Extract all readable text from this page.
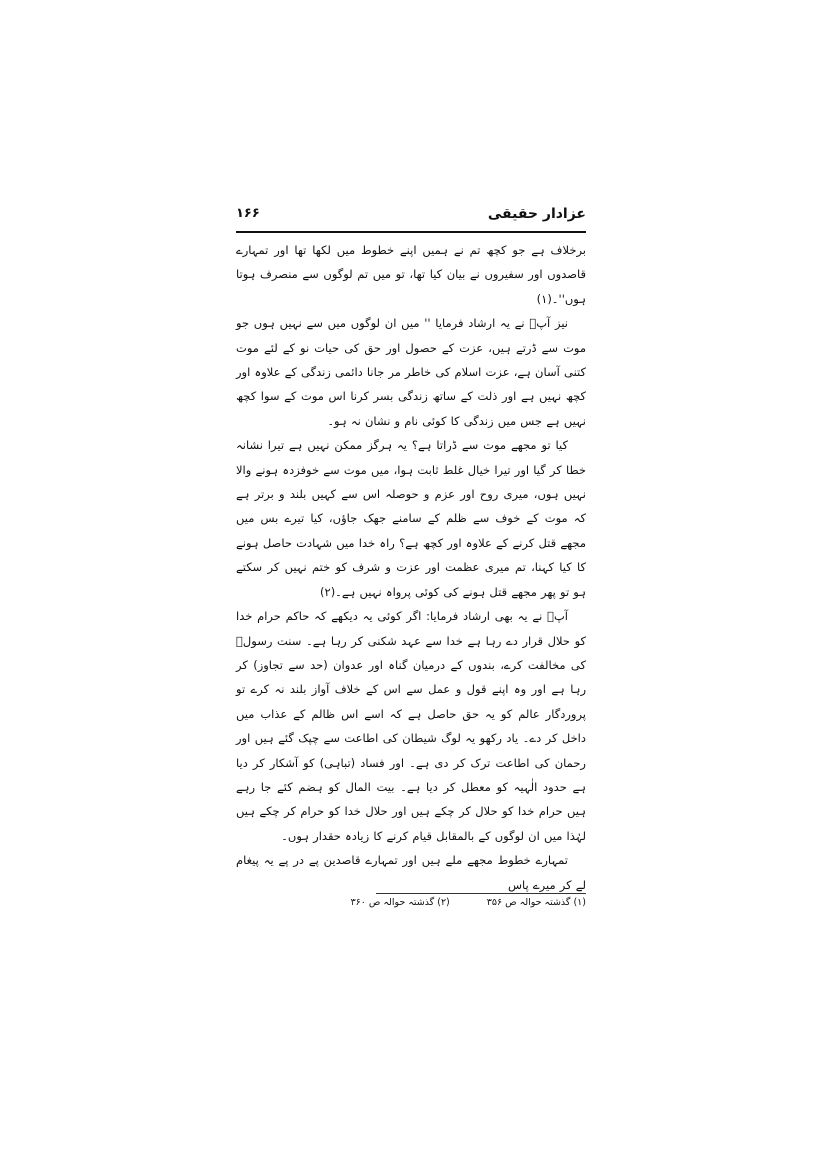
عزادار حقیقی
۱۶۶

برخلاف ہے جو کچھ تم نے ہمیں اپنے خطوط میں لکھا تھا اور تمہارے قاصدوں اور سفیروں نے بیان کیا تھا، تو میں تم لوگوں سے منصرف ہوتا ہوں''۔(۱)

نیز آپؑ نے یہ ارشاد فرمایا '' میں ان لوگوں میں سے نہیں ہوں جو موت سے ڈرتے ہیں، عزت کے حصول اور حق کی حیات نو کے لئے موت کتنی آسان ہے، عزت اسلام کی خاطر مر جانا دائمی زندگی کے علاوہ اور کچھ نہیں ہے اور ذلت کے ساتھ زندگی بسر کرنا اس موت کے سوا کچھ نہیں ہے جس میں زندگی کا کوئی نام و نشان نہ ہو۔

کیا تو مجھے موت سے ڈراتا ہے؟ یہ ہرگز ممکن نہیں ہے تیرا نشانہ خطا کر گیا اور تیرا خیال غلط ثابت ہوا، میں موت سے خوفزدہ ہونے والا نہیں ہوں، میری روح اور عزم و حوصلہ اس سے کہیں بلند و برتر ہے کہ موت کے خوف سے ظلم کے سامنے جھک جاؤں، کیا تیرے بس میں مجھے قتل کرنے کے علاوہ اور کچھ ہے؟ راہ خدا میں شہادت حاصل ہونے کا کیا کہنا، تم میری عظمت اور عزت و شرف کو ختم نہیں کر سکتے ہو تو پھر مجھے قتل ہونے کی کوئی پرواہ نہیں ہے۔(۲)

آپؑ نے یہ بھی ارشاد فرمایا: اگر کوئی یہ دیکھے کہ حاکم حرام خدا کو حلال قرار دے رہا ہے خدا سے عہد شکنی کر رہا ہے۔ سنت رسولؐ کی مخالفت کرے، بندوں کے درمیان گناہ اور عدوان (حد سے تجاوز) کر رہا ہے اور وہ اپنے قول و عمل سے اس کے خلاف آواز بلند نہ کرے تو پروردگار عالم کو یہ حق حاصل ہے کہ اسے اس ظالم کے عذاب میں داخل کر دے۔ یاد رکھو یہ لوگ شیطان کی اطاعت سے چپک گئے ہیں اور رحمان کی اطاعت ترک کر دی ہے۔ اور فساد (تباہی) کو آشکار کر دیا ہے حدود الٰہیہ کو معطل کر دیا ہے۔ بیت المال کو ہضم کئے جا رہے ہیں حرام خدا کو حلال کر چکے ہیں اور حلال خدا کو حرام کر چکے ہیں لہٰذا میں ان لوگوں کے بالمقابل قیام کرنے کا زیادہ حقدار ہوں۔

تمہارے خطوط مجھے ملے ہیں اور تمہارے قاصدین پے در پے یہ پیغام لے کر میرے پاس

(۱) گذشتہ حوالہ ص ۳۵۶ (۲) گذشتہ حوالہ ص ۳۶۰
